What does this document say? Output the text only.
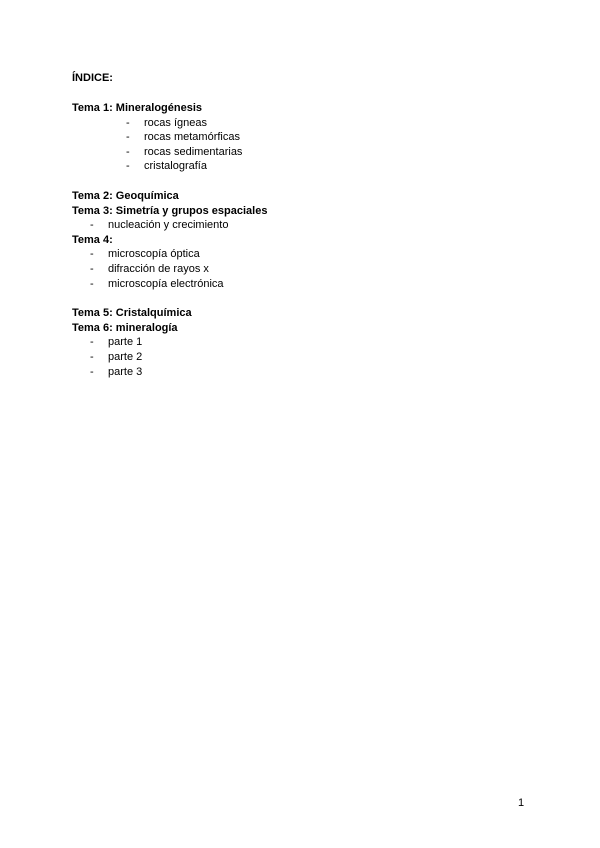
ÍNDICE:
Tema 1: Mineralogénesis
- rocas ígneas
- rocas metamórficas
- rocas sedimentarias
- cristalografía
Tema 2: Geoquímica
Tema 3: Simetría y grupos espaciales
- nucleación y crecimiento
Tema 4:
- microscopía óptica
- difracción de rayos x
- microscopía electrónica
Tema 5: Cristalquímica
Tema 6: mineralogía
- parte 1
- parte 2
- parte 3
1
